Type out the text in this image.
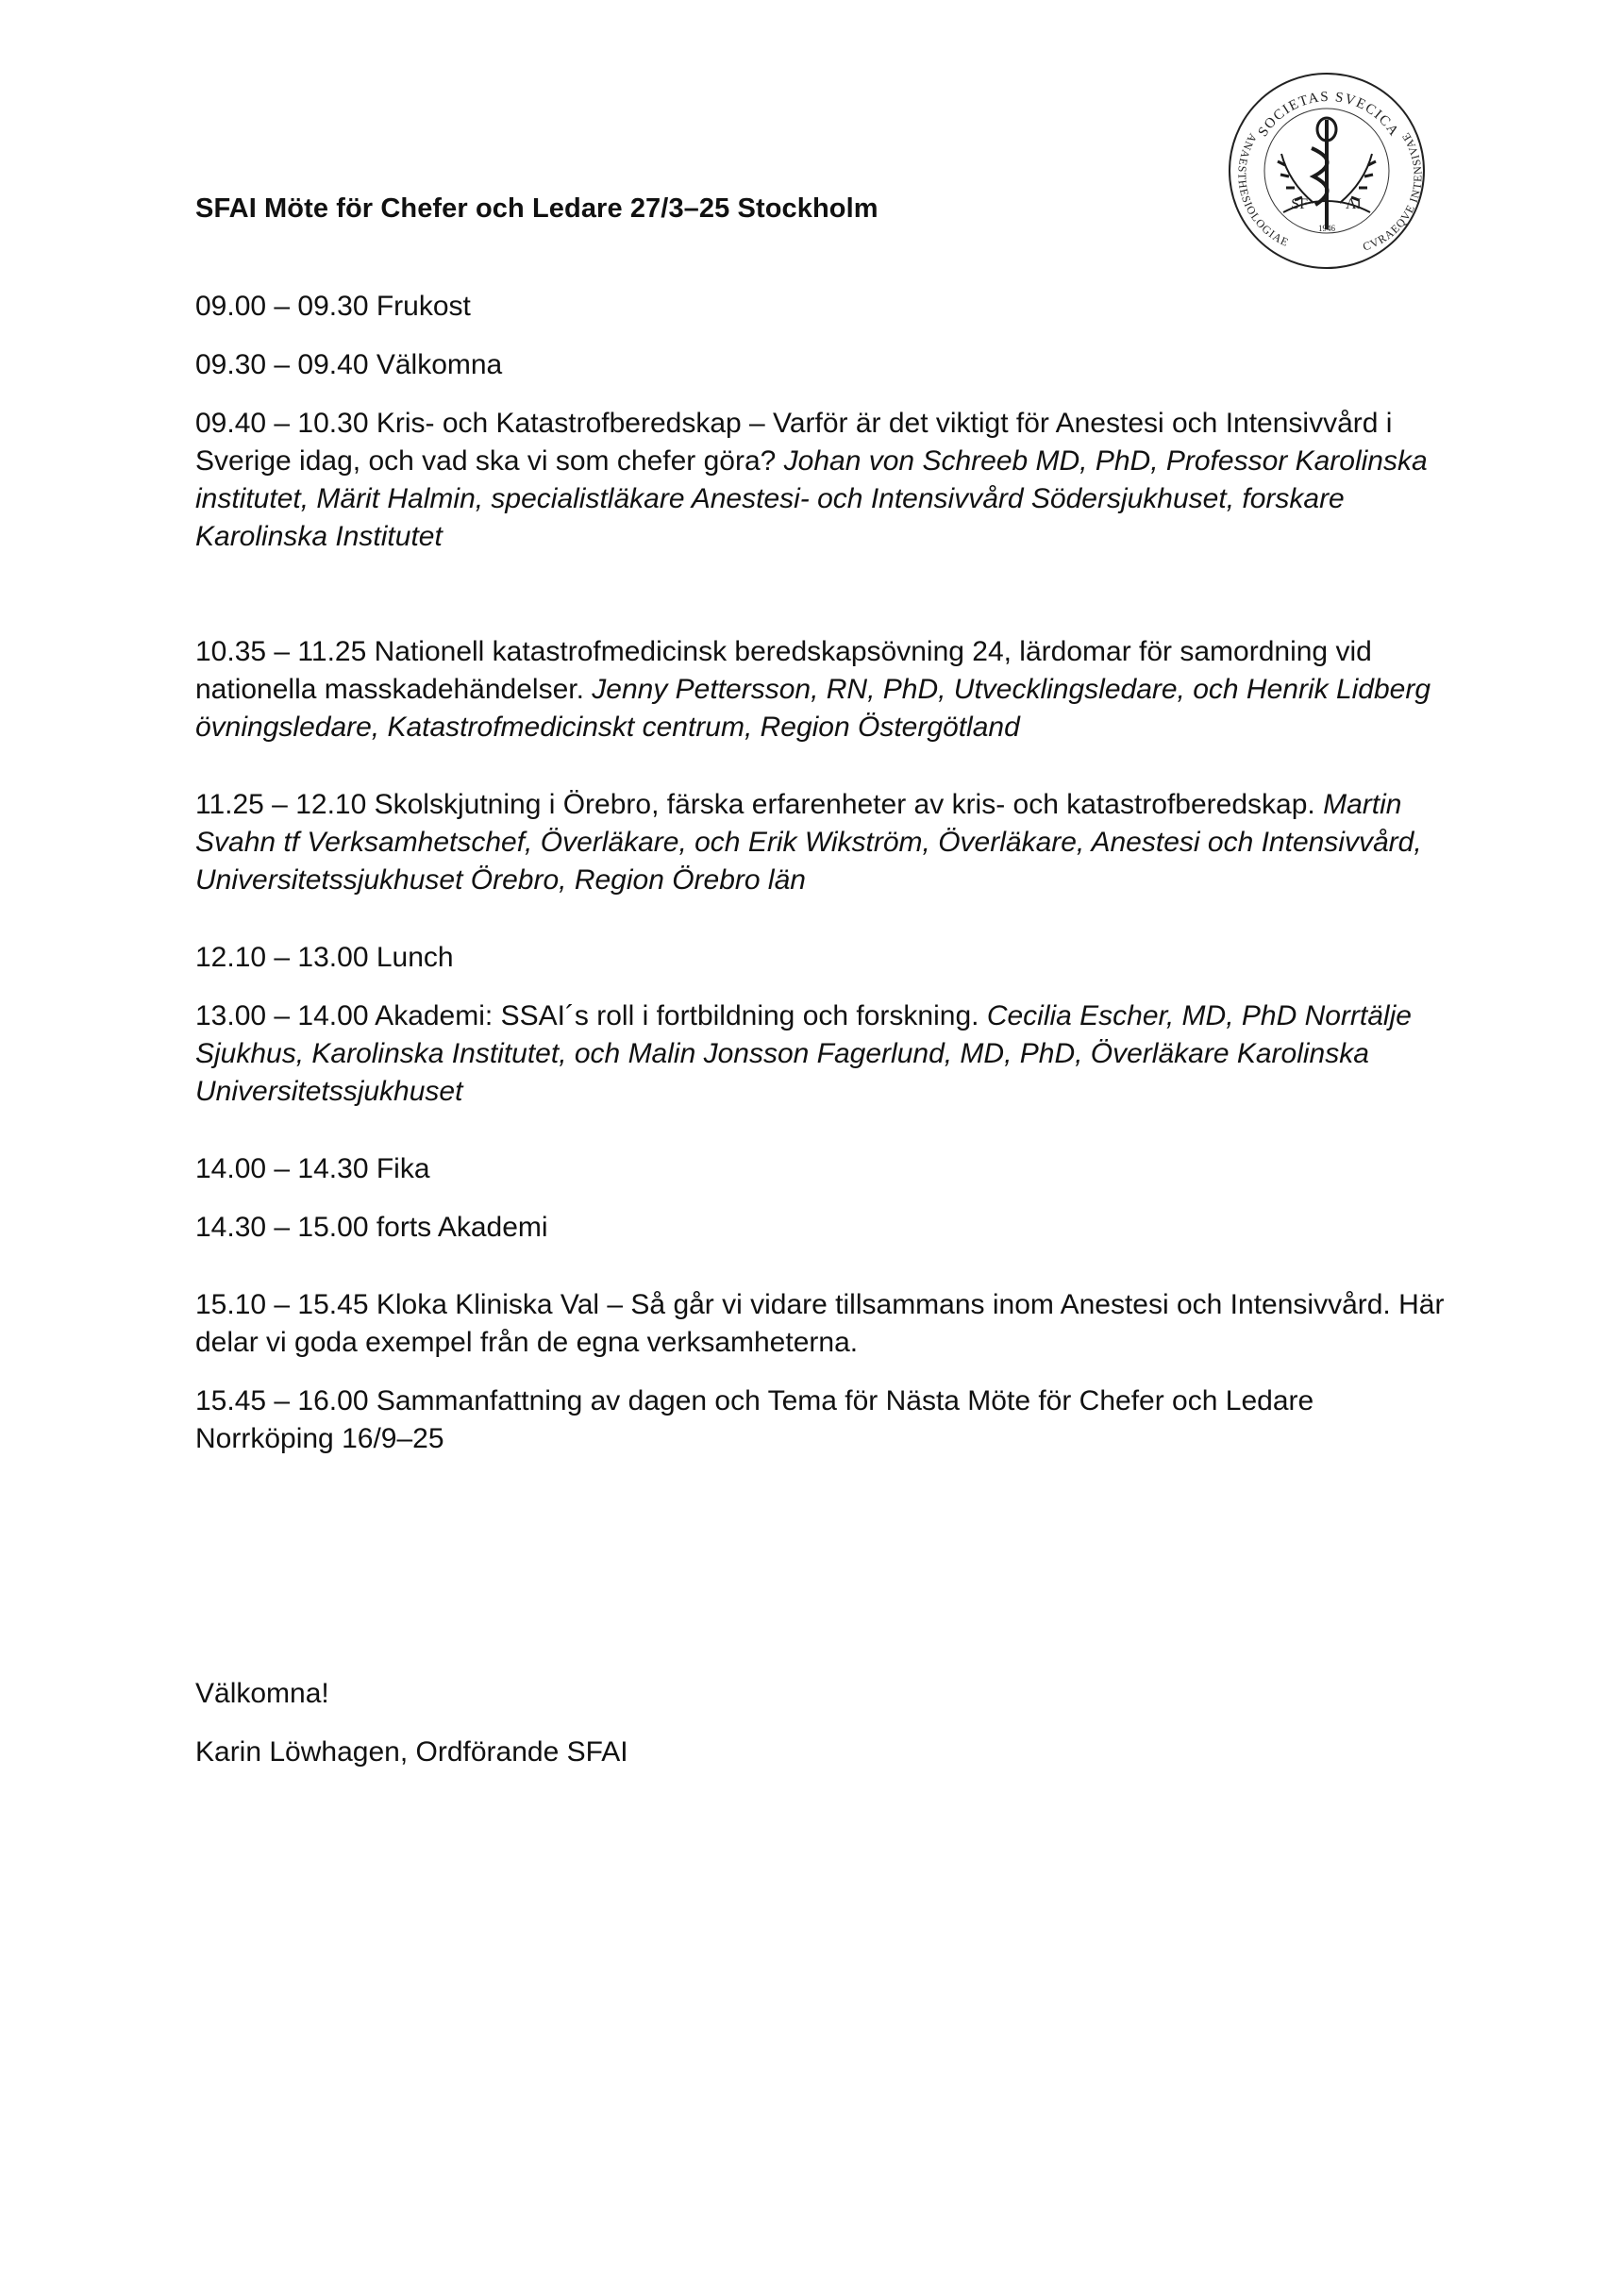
SOCIETAS SVECICA
ANAESTHESIOLOGIAE	CVRAEQVE INTENSIVAE
SF	AI
1946
SFAI Möte för Chefer och Ledare 27/3–25 Stockholm

09.00 – 09.30 Frukost

09.30 – 09.40 Välkomna

09.40 – 10.30 Kris- och Katastrofberedskap – Varför är det viktigt för Anestesi och Intensivvård i Sverige idag, och vad ska vi som chefer göra? Johan von Schreeb MD, PhD, Professor Karolinska institutet, Märit Halmin, specialistläkare Anestesi- och Intensivvård Södersjukhuset, forskare Karolinska Institutet

10.35 – 11.25 Nationell katastrofmedicinsk beredskapsövning 24, lärdomar för samordning vid nationella masskadehändelser. Jenny Pettersson, RN, PhD, Utvecklingsledare, och Henrik Lidberg övningsledare, Katastrofmedicinskt centrum, Region Östergötland

11.25 – 12.10 Skolskjutning i Örebro, färska erfarenheter av kris- och katastrofberedskap. Martin Svahn tf Verksamhetschef, Överläkare, och Erik Wikström, Överläkare, Anestesi och Intensivvård, Universitetssjukhuset Örebro, Region Örebro län

12.10 – 13.00 Lunch

13.00 – 14.00 Akademi: SSAI´s roll i fortbildning och forskning. Cecilia Escher, MD, PhD Norrtälje Sjukhus, Karolinska Institutet, och Malin Jonsson Fagerlund, MD, PhD, Överläkare Karolinska Universitetssjukhuset

14.00 – 14.30 Fika

14.30 – 15.00 forts Akademi

15.10 – 15.45 Kloka Kliniska Val – Så går vi vidare tillsammans inom Anestesi och Intensivvård. Här delar vi goda exempel från de egna verksamheterna.

15.45 – 16.00 Sammanfattning av dagen och Tema för Nästa Möte för Chefer och Ledare Norrköping 16/9–25

Välkomna!
Karin Löwhagen, Ordförande SFAI
